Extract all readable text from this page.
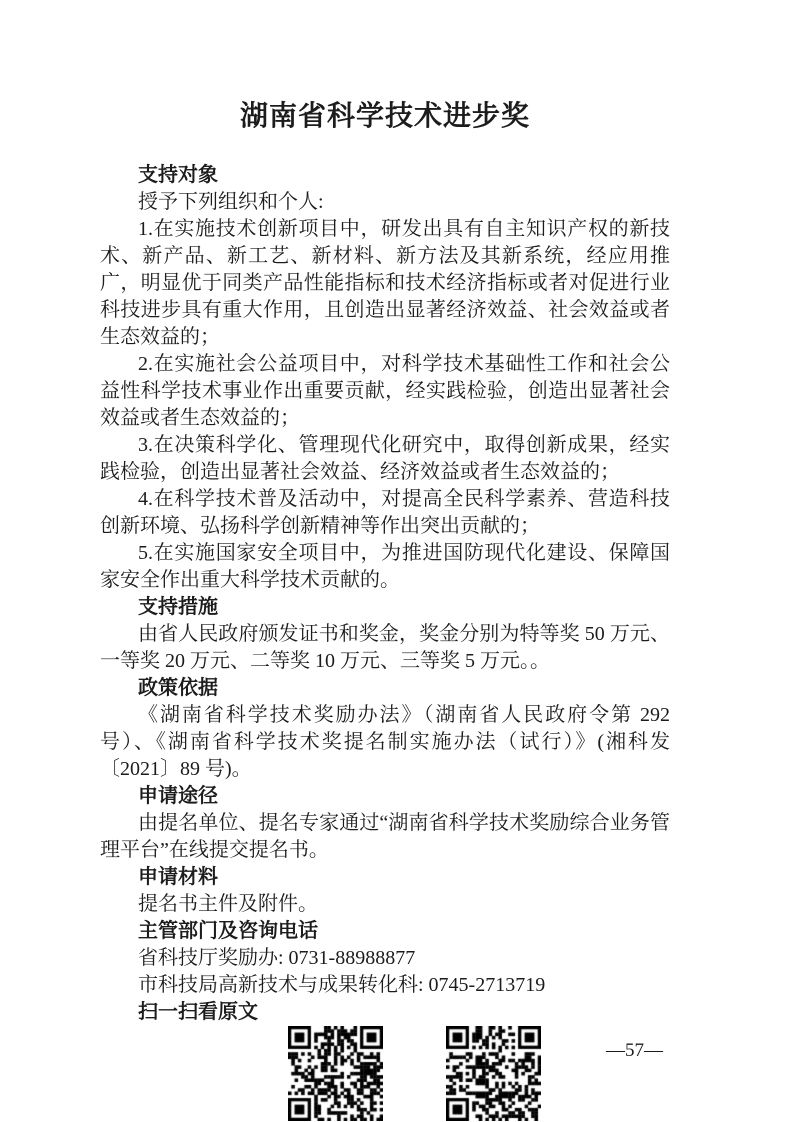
湖南省科学技术进步奖
支持对象

授予下列组织和个人:

1.在实施技术创新项目中，研发出具有自主知识产权的新技术、新产品、新工艺、新材料、新方法及其新系统，经应用推广，明显优于同类产品性能指标和技术经济指标或者对促进行业科技进步具有重大作用，且创造出显著经济效益、社会效益或者生态效益的；

2.在实施社会公益项目中，对科学技术基础性工作和社会公益性科学技术事业作出重要贡献，经实践检验，创造出显著社会效益或者生态效益的；

3.在决策科学化、管理现代化研究中，取得创新成果，经实践检验，创造出显著社会效益、经济效益或者生态效益的；

4.在科学技术普及活动中，对提高全民科学素养、营造科技创新环境、弘扬科学创新精神等作出突出贡献的；

5.在实施国家安全项目中，为推进国防现代化建设、保障国家安全作出重大科学技术贡献的。

支持措施

由省人民政府颁发证书和奖金，奖金分别为特等奖 50 万元、一等奖 20 万元、二等奖 10 万元、三等奖 5 万元。。

政策依据

《湖南省科学技术奖励办法》（湖南省人民政府令第 292 号）、《湖南省科学技术奖提名制实施办法（试行）》(湘科发〔2021〕89 号)。

申请途径

由提名单位、提名专家通过“湖南省科学技术奖励综合业务管理平台”在线提交提名书。

申请材料

提名书主件及附件。

主管部门及咨询电话

省科技厅奖励办: 0731-88988877

市科技局高新技术与成果转化科: 0745-2713719

扫一扫看原文
—57—
